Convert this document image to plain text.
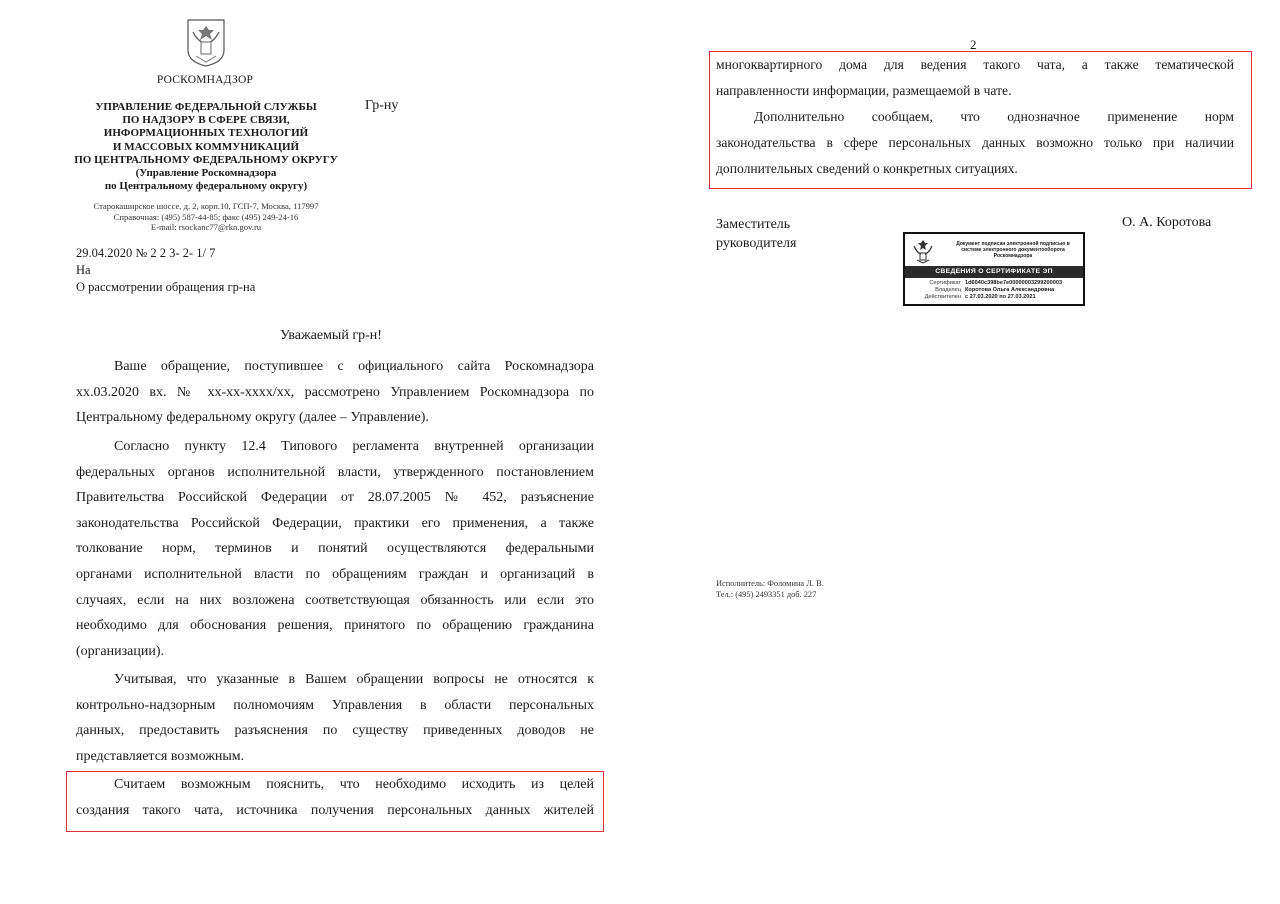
РОСКОМНАДЗОР
УПРАВЛЕНИЕ ФЕДЕРАЛЬНОЙ СЛУЖБЫ
ПО НАДЗОРУ В СФЕРЕ СВЯЗИ,
ИНФОРМАЦИОННЫХ ТЕХНОЛОГИЙ
И МАССОВЫХ КОММУНИКАЦИЙ
ПО ЦЕНТРАЛЬНОМУ ФЕДЕРАЛЬНОМУ ОКРУГУ
(Управление Роскомнадзора
по Центральному федеральному округу)
Старокаширское шоссе, д. 2, корп.10, ГСП-7, Москва, 117997
Справочная: (495) 587-44-85; факс (495) 249-24-16
E-mail: rsockanc77@rkn.gov.ru
Гр-ну
29.04.2020 № 2 2 3- 2- 1/ 7
На
О рассмотрении обращения гр-на
Уважаемый гр-н!
Ваше обращение, поступившее с официального сайта Роскомнадзора
xx.03.2020 вх. № xx-xx-xxxx/xx, рассмотрено Управлением Роскомнадзора по
Центральному федеральному округу (далее – Управление).
Согласно пункту 12.4 Типового регламента внутренней организации
федеральных органов исполнительной власти, утвержденного постановлением
Правительства Российской Федерации от 28.07.2005 № 452, разъяснение
законодательства Российской Федерации, практики его применения, а также
толкование норм, терминов и понятий осуществляются федеральными
органами исполнительной власти по обращениям граждан и организаций в
случаях, если на них возложена соответствующая обязанность или если это
необходимо для обоснования решения, принятого по обращению гражданина
(организации).
Учитывая, что указанные в Вашем обращении вопросы не относятся к
контрольно-надзорным полномочиям Управления в области персональных
данных, предоставить разъяснения по существу приведенных доводов не
представляется возможным.
Считаем возможным пояснить, что необходимо исходить из целей
создания такого чата, источника получения персональных данных жителей
2
многоквартирного дома для ведения такого чата, а также тематической
направленности информации, размещаемой в чате.
Дополнительно сообщаем, что однозначное применение норм
законодательства в сфере персональных данных возможно только при наличии
дополнительных сведений о конкретных ситуациях.
Заместитель
руководителя
О. А. Коротова
Документ подписан электронной подписью в системе электронного документооборота Роскомнадзора
СВЕДЕНИЯ О СЕРТИФИКАТЕ ЭП
Сертификат 1d6040c398be7e00000003299200003
Владелец Коротова Ольга Александровна
Действителен с 27.03.2020 по 27.03.2021
Исполнитель: Фоломина Л. В.
Тел.: (495) 2493351 доб. 227
